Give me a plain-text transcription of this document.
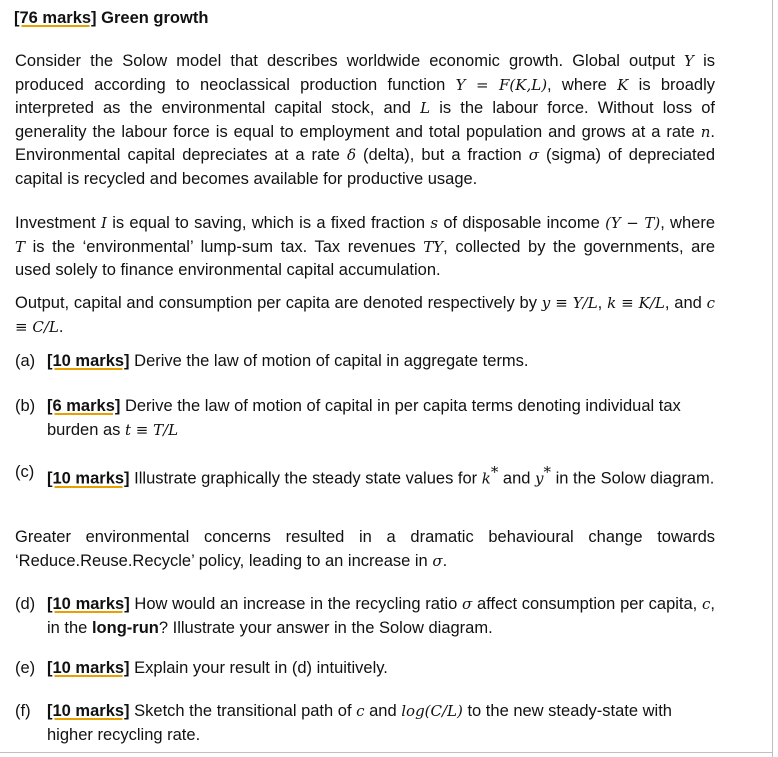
[76 marks] Green growth
Consider the Solow model that describes worldwide economic growth. Global output Y is produced according to neoclassical production function Y = F(K,L), where K is broadly interpreted as the environmental capital stock, and L is the labour force. Without loss of generality the labour force is equal to employment and total population and grows at a rate n. Environmental capital depreciates at a rate δ (delta), but a fraction σ (sigma) of depreciated capital is recycled and becomes available for productive usage.
Investment I is equal to saving, which is a fixed fraction s of disposable income (Y − T), where T is the ‘environmental’ lump-sum tax. Tax revenues TY, collected by the governments, are used solely to finance environmental capital accumulation.
Output, capital and consumption per capita are denoted respectively by y ≡ Y/L, k ≡ K/L, and c ≡ C/L.
(a) [10 marks] Derive the law of motion of capital in aggregate terms.
(b) [6 marks] Derive the law of motion of capital in per capita terms denoting individual tax burden as t ≡ T/L
(c) [10 marks] Illustrate graphically the steady state values for k* and y* in the Solow diagram.
Greater environmental concerns resulted in a dramatic behavioural change towards ‘Reduce.Reuse.Recycle’ policy, leading to an increase in σ.
(d) [10 marks] How would an increase in the recycling ratio σ affect consumption per capita, c, in the long-run? Illustrate your answer in the Solow diagram.
(e) [10 marks] Explain your result in (d) intuitively.
(f) [10 marks] Sketch the transitional path of c and log(C/L) to the new steady-state with higher recycling rate.
